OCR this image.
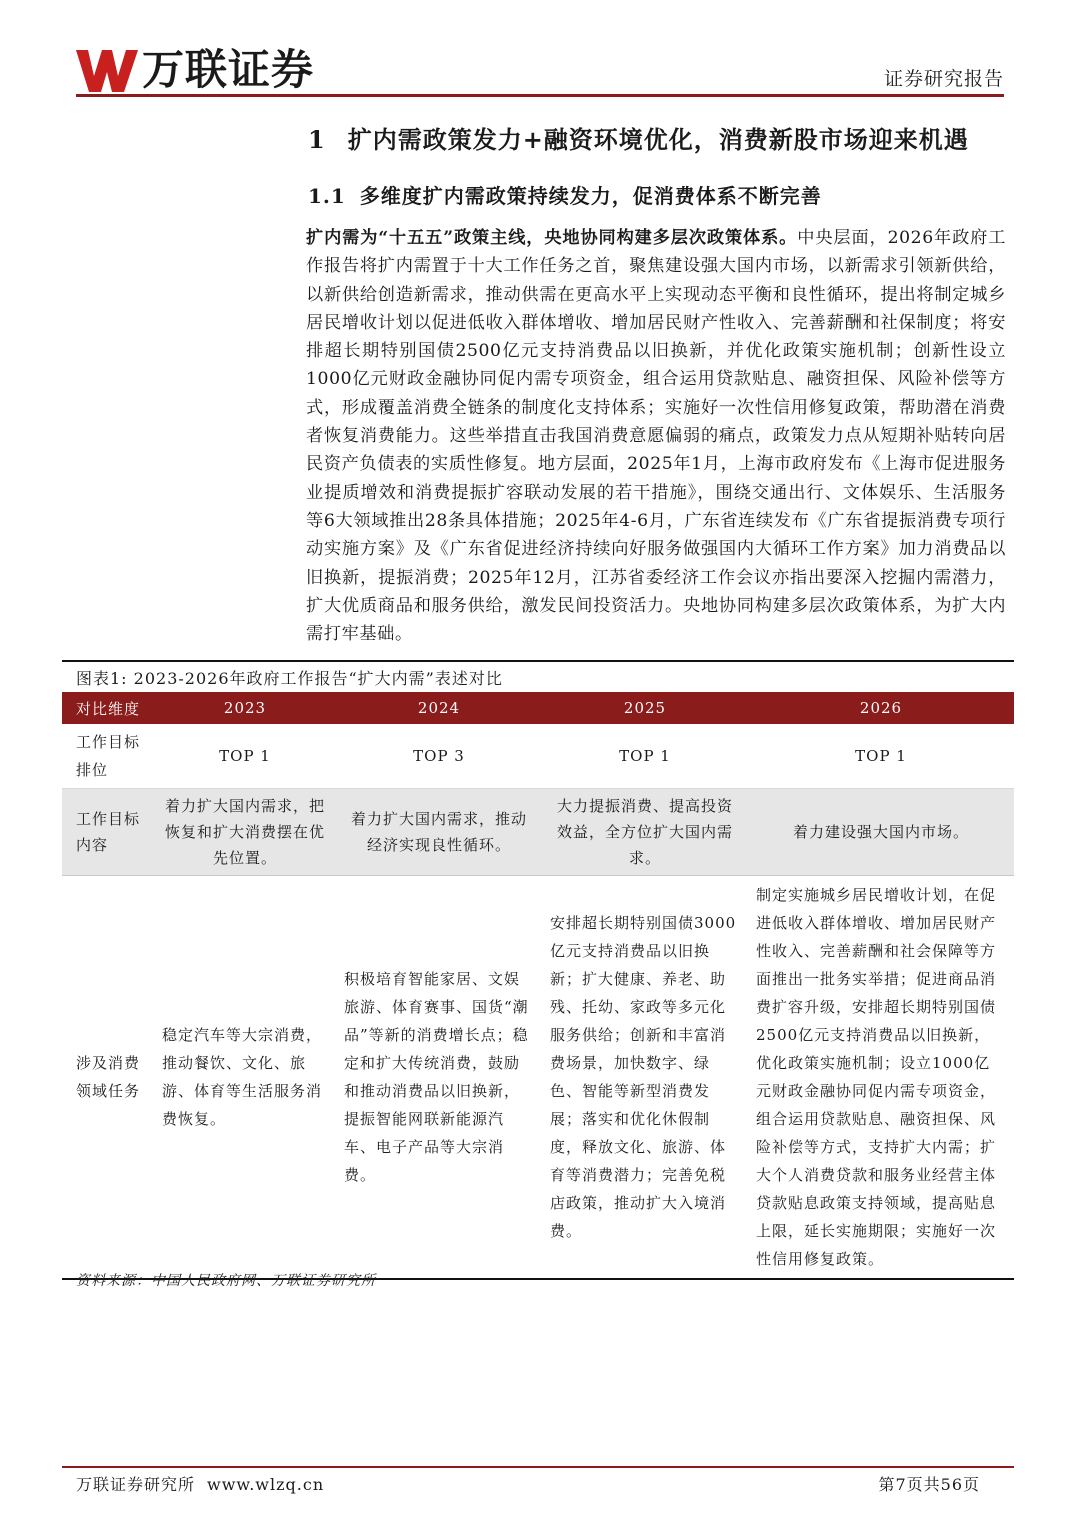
万联证券	证券研究报告
1 扩内需政策发力+融资环境优化，消费新股市场迎来机遇
1.1 多维度扩内需政策持续发力，促消费体系不断完善
扩内需为“十五五”政策主线，央地协同构建多层次政策体系。中央层面，2026年政府工作报告将扩内需置于十大工作任务之首，聚焦建设强大国内市场，以新需求引领新供给，以新供给创造新需求，推动供需在更高水平上实现动态平衡和良性循环，提出将制定城乡居民增收计划以促进低收入群体增收、增加居民财产性收入、完善薪酬和社保制度；将安排超长期特别国债2500亿元支持消费品以旧换新，并优化政策实施机制；创新性设立1000亿元财政金融协同促内需专项资金，组合运用贷款贴息、融资担保、风险补偿等方式，形成覆盖消费全链条的制度化支持体系；实施好一次性信用修复政策，帮助潜在消费者恢复消费能力。这些举措直击我国消费意愿偏弱的痛点，政策发力点从短期补贴转向居民资产负债表的实质性修复。地方层面，2025年1月，上海市政府发布《上海市促进服务业提质增效和消费提振扩容联动发展的若干措施》，围绕交通出行、文体娱乐、生活服务等6大领域推出28条具体措施；2025年4-6月，广东省连续发布《广东省提振消费专项行动实施方案》及《广东省促进经济持续向好服务做强国内大循环工作方案》加力消费品以旧换新，提振消费；2025年12月，江苏省委经济工作会议亦指出要深入挖掘内需潜力，扩大优质商品和服务供给，激发民间投资活力。央地协同构建多层次政策体系，为扩大内需打牢基础。
图表1: 2023-2026年政府工作报告“扩大内需”表述对比
对比维度	2023	2024	2025	2026
工作目标排位	TOP 1	TOP 3	TOP 1	TOP 1
工作目标内容	着力扩大国内需求，把恢复和扩大消费摆在优先位置。	着力扩大国内需求，推动经济实现良性循环。	大力提振消费、提高投资效益，全方位扩大国内需求。	着力建设强大国内市场。
涉及消费领域任务	稳定汽车等大宗消费，推动餐饮、文化、旅游、体育等生活服务消费恢复。	积极培育智能家居、文娱旅游、体育赛事、国货“潮品”等新的消费增长点；稳定和扩大传统消费，鼓励和推动消费品以旧换新，提振智能网联新能源汽车、电子产品等大宗消费。	安排超长期特别国债3000亿元支持消费品以旧换新；扩大健康、养老、助残、托幼、家政等多元化服务供给；创新和丰富消费场景，加快数字、绿色、智能等新型消费发展；落实和优化休假制度，释放文化、旅游、体育等消费潜力；完善免税店政策，推动扩大入境消费。	制定实施城乡居民增收计划，在促进低收入群体增收、增加居民财产性收入、完善薪酬和社会保障等方面推出一批务实举措；促进商品消费扩容升级，安排超长期特别国债2500亿元支持消费品以旧换新，优化政策实施机制；设立1000亿元财政金融协同促内需专项资金，组合运用贷款贴息、融资担保、风险补偿等方式，支持扩大内需；扩大个人消费贷款和服务业经营主体贷款贴息政策支持领域，提高贴息上限，延长实施期限；实施好一次性信用修复政策。
资料来源：中国人民政府网、万联证券研究所
万联证券研究所 www.wlzq.cn	第7页共56页
